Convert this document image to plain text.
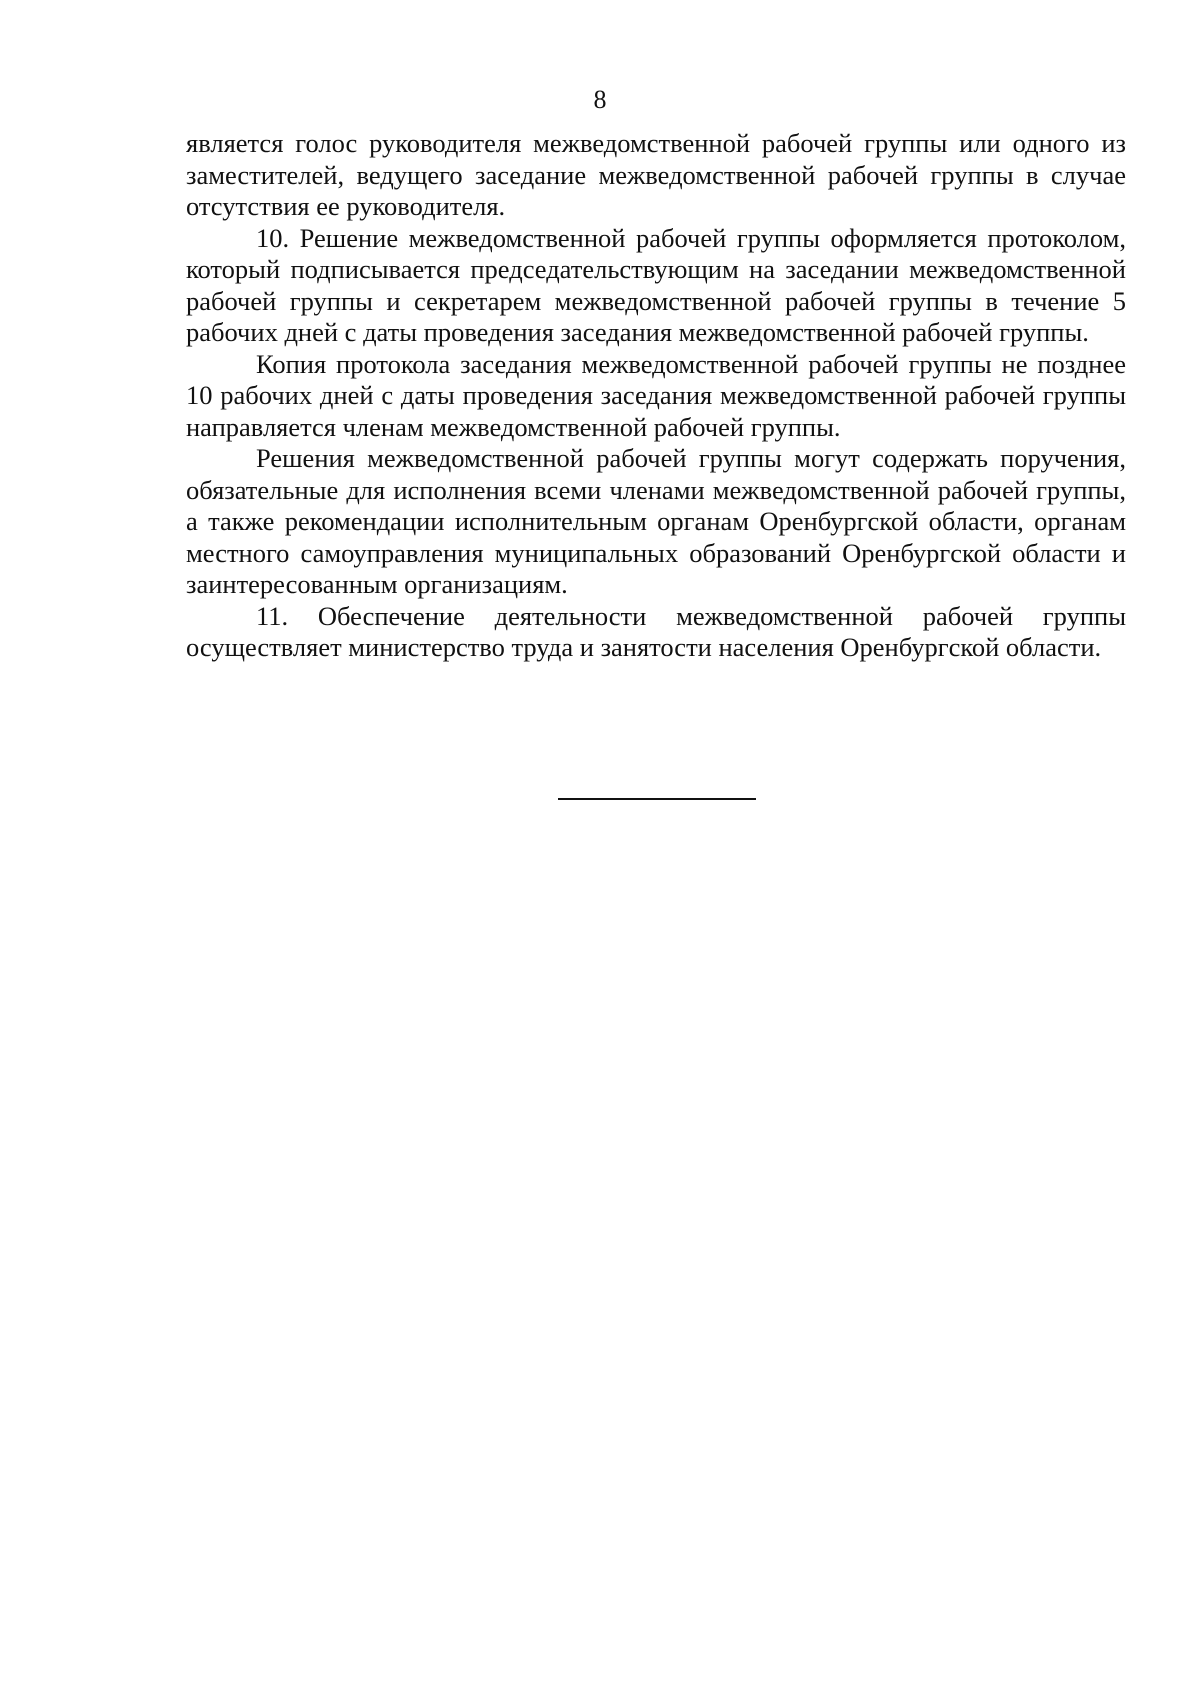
8

является голос руководителя межведомственной рабочей группы или одного из заместителей, ведущего заседание межведомственной рабочей группы в случае отсутствия ее руководителя.

10. Решение межведомственной рабочей группы оформляется протоколом, который подписывается председательствующим на заседании межведомственной рабочей группы и секретарем межведомственной рабочей группы в течение 5 рабочих дней с даты проведения заседания межведомственной рабочей группы.

Копия протокола заседания межведомственной рабочей группы не позднее 10 рабочих дней с даты проведения заседания межведомственной рабочей группы направляется членам межведомственной рабочей группы.

Решения межведомственной рабочей группы могут содержать поручения, обязательные для исполнения всеми членами межведомственной рабочей группы, а также рекомендации исполнительным органам Оренбургской области, органам местного самоуправления муниципальных образований Оренбургской области и заинтересованным организациям.

11. Обеспечение деятельности межведомственной рабочей группы осуществляет министерство труда и занятости населения Оренбургской области.
